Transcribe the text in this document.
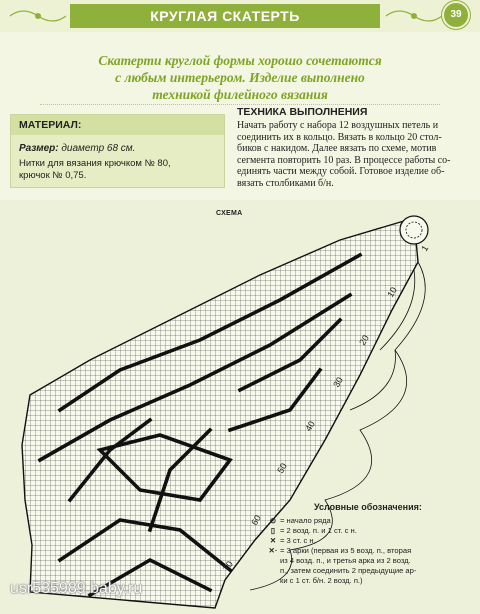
КРУГЛАЯ СКАТЕРТЬ	39
Скатерти круглой формы хорошо сочетаются
с любым интерьером. Изделие выполнено
техникой филейного вязания
МАТЕРИАЛ:
Размер: диаметр 68 см.
Нитки для вязания крючком № 80,
крючок № 0,75.
ТЕХНИКА ВЫПОЛНЕНИЯ
Начать работу с набора 12 воздушных петель и
соединить их в кольцо. Вязать в кольцо 20 стол-
биков с накидом. Далее вязать по схеме, мотив
сегмента повторить 10 раз. В процессе работы со-
единять части между собой. Готовое изделие об-
вязать столбиками б/н.
СХЕМА
1
10
20
30
40
50
60
70
Условные обозначения:
⊙ = начало ряда
▯ = 2 возд. п. и 1 ст. с н.
✕ = 3 ст. с н.
✕· = 3 арки (первая из 5 возд. п., вторая
из 4 возд. п., и третья арка из 2 возд.
п., затем соединить 2 предыдущие ар-
ки с 1 ст. б/н. 2 возд. п.)
usr535989.baby.ru
